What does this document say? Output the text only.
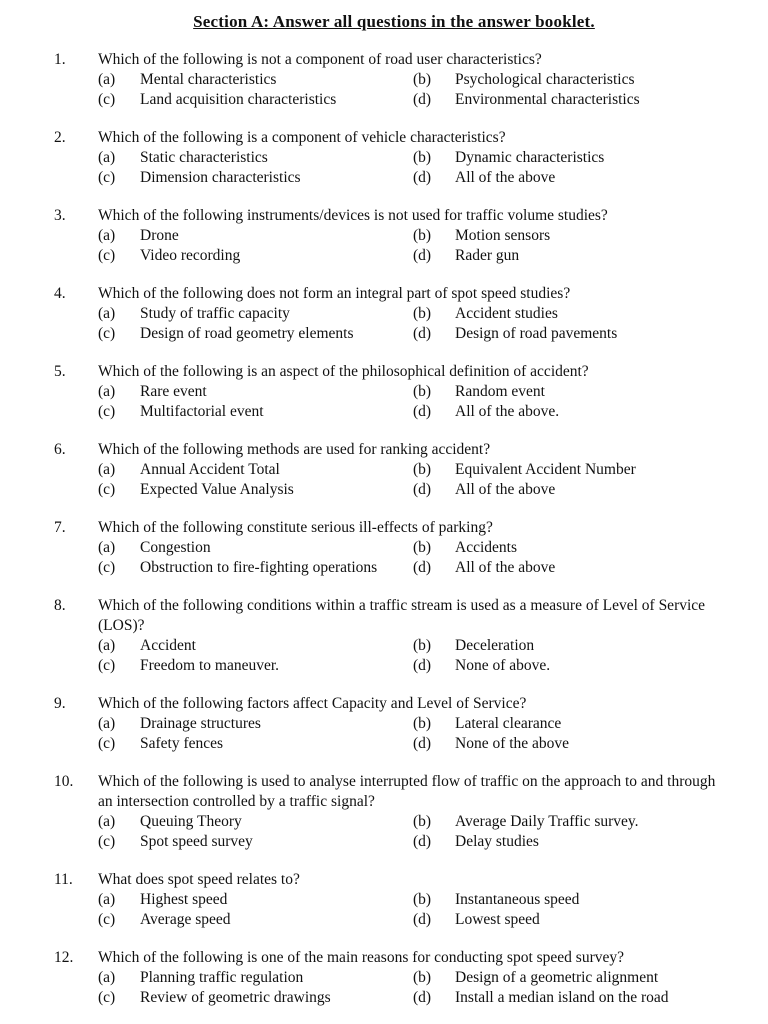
Section A: Answer all questions in the answer booklet.
1. Which of the following is not a component of road user characteristics?
(a)	Mental characteristics	(b)	Psychological characteristics
(c)	Land acquisition characteristics	(d)	Environmental characteristics
2. Which of the following is a component of vehicle characteristics?
(a)	Static characteristics	(b)	Dynamic characteristics
(c)	Dimension characteristics	(d)	All of the above
3. Which of the following instruments/devices is not used for traffic volume studies?
(a)	Drone	(b)	Motion sensors
(c)	Video recording	(d)	Rader gun
4. Which of the following does not form an integral part of spot speed studies?
(a)	Study of traffic capacity	(b)	Accident studies
(c)	Design of road geometry elements	(d)	Design of road pavements
5. Which of the following is an aspect of the philosophical definition of accident?
(a)	Rare event	(b)	Random event
(c)	Multifactorial event	(d)	All of the above.
6. Which of the following methods are used for ranking accident?
(a)	Annual Accident Total	(b)	Equivalent Accident Number
(c)	Expected Value Analysis	(d)	All of the above
7. Which of the following constitute serious ill-effects of parking?
(a)	Congestion	(b)	Accidents
(c)	Obstruction to fire-fighting operations	(d)	All of the above
8. Which of the following conditions within a traffic stream is used as a measure of Level of Service (LOS)?
(a)	Accident	(b)	Deceleration
(c)	Freedom to maneuver.	(d)	None of above.
9. Which of the following factors affect Capacity and Level of Service?
(a)	Drainage structures	(b)	Lateral clearance
(c)	Safety fences	(d)	None of the above
10. Which of the following is used to analyse interrupted flow of traffic on the approach to and through an intersection controlled by a traffic signal?
(a)	Queuing Theory	(b)	Average Daily Traffic survey.
(c)	Spot speed survey	(d)	Delay studies
11. What does spot speed relates to?
(a)	Highest speed	(b)	Instantaneous speed
(c)	Average speed	(d)	Lowest speed
12. Which of the following is one of the main reasons for conducting spot speed survey?
(a)	Planning traffic regulation	(b)	Design of a geometric alignment
(c)	Review of geometric drawings	(d)	Install a median island on the road
